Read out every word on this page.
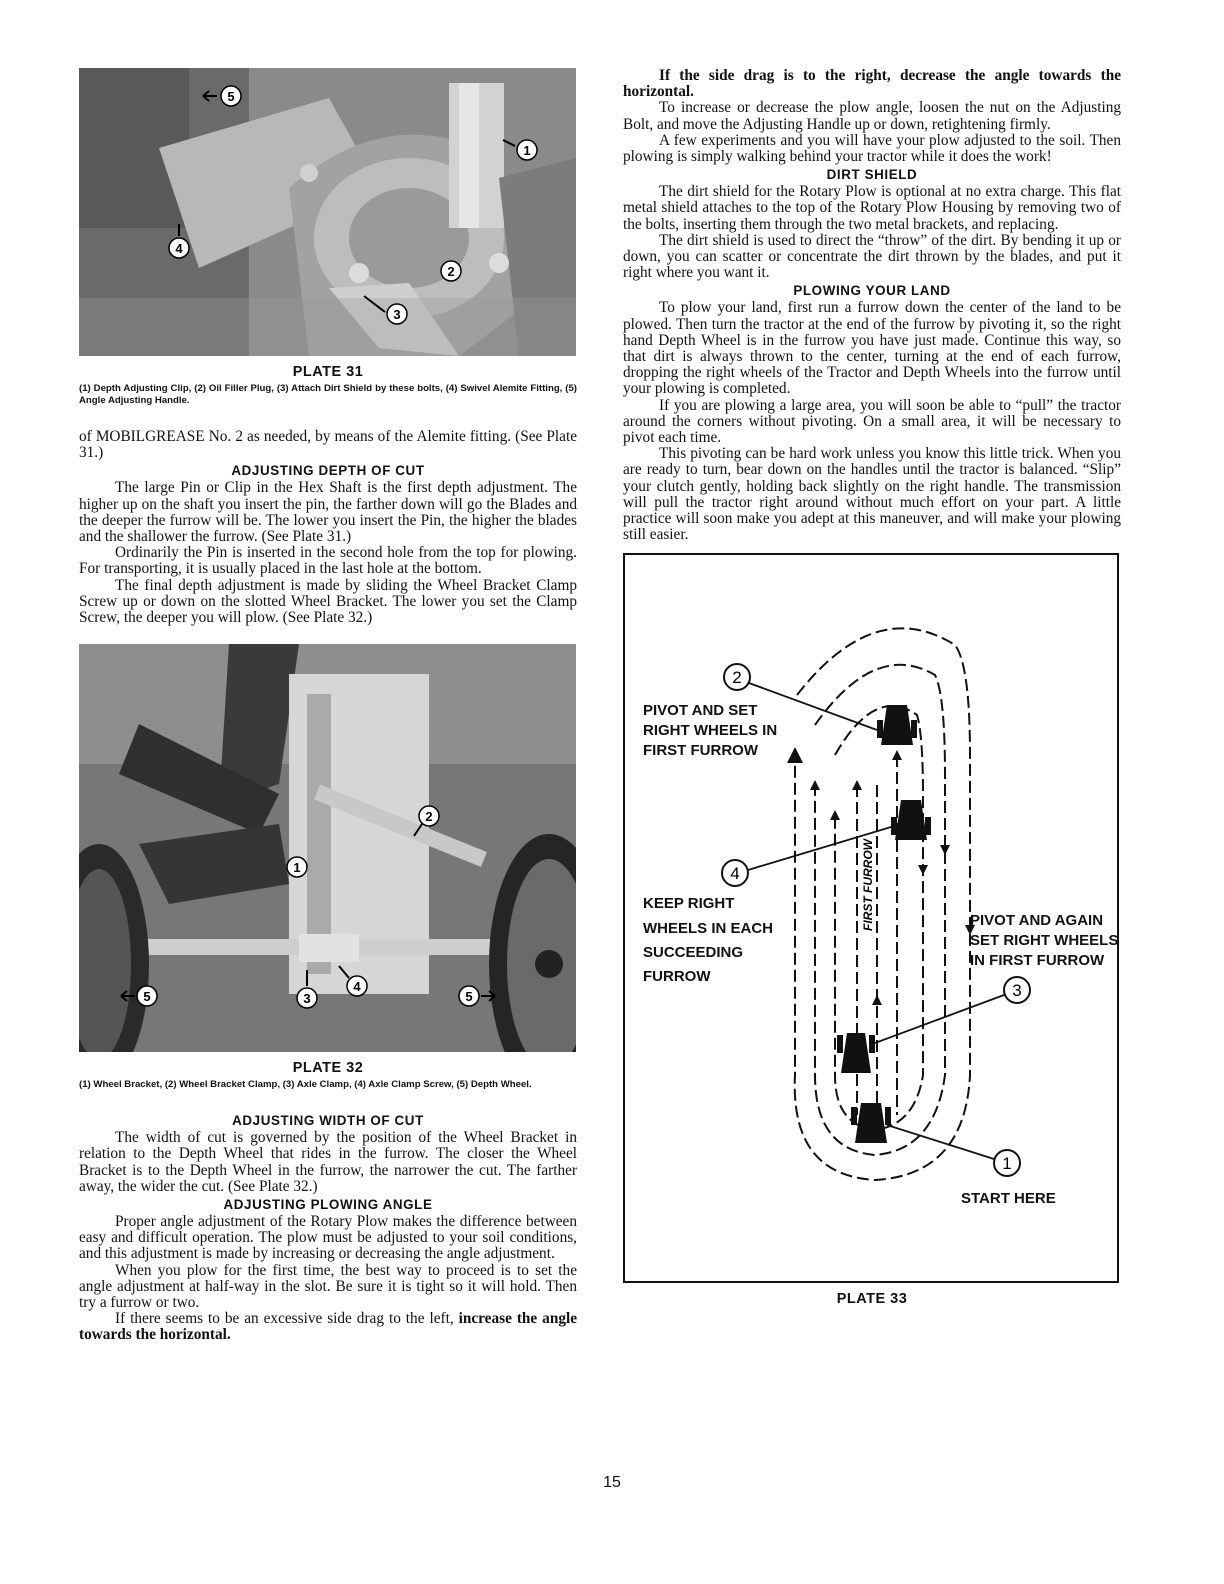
5
1
4
2
3
PLATE 31
(1) Depth Adjusting Clip, (2) Oil Filler Plug, (3) Attach Dirt Shield by these bolts, (4) Swivel Alemite Fitting, (5) Angle Adjusting Handle.

of MOBILGREASE No. 2 as needed, by means of the Alemite fitting. (See Plate 31.)

ADJUSTING DEPTH OF CUT

The large Pin or Clip in the Hex Shaft is the first depth adjustment. The higher up on the shaft you insert the pin, the farther down will go the Blades and the deeper the furrow will be. The lower you insert the Pin, the higher the blades and the shallower the furrow. (See Plate 31.)

Ordinarily the Pin is inserted in the second hole from the top for plowing. For transporting, it is usually placed in the last hole at the bottom.

The final depth adjustment is made by sliding the Wheel Bracket Clamp Screw up or down on the slotted Wheel Bracket. The lower you set the Clamp Screw, the deeper you will plow. (See Plate 32.)

2
1
3
4
5	5
PLATE 32
(1) Wheel Bracket, (2) Wheel Bracket Clamp, (3) Axle Clamp, (4) Axle Clamp Screw, (5) Depth Wheel.
ADJUSTING WIDTH OF CUT

The width of cut is governed by the position of the Wheel Bracket in relation to the Depth Wheel that rides in the furrow. The closer the Wheel Bracket is to the Depth Wheel in the furrow, the narrower the cut. The farther away, the wider the cut. (See Plate 32.)

ADJUSTING PLOWING ANGLE

Proper angle adjustment of the Rotary Plow makes the difference between easy and difficult operation. The plow must be adjusted to your soil conditions, and this adjustment is made by increasing or decreasing the angle adjustment.

When you plow for the first time, the best way to proceed is to set the angle adjustment at half-way in the slot. Be sure it is tight so it will hold. Then try a furrow or two.

If there seems to be an excessive side drag to the left, increase the angle towards the horizontal.

If the side drag is to the right, decrease the angle towards the horizontal.

To increase or decrease the plow angle, loosen the nut on the Adjusting Bolt, and move the Adjusting Handle up or down, retightening firmly.

A few experiments and you will have your plow adjusted to the soil. Then plowing is simply walking behind your tractor while it does the work!

DIRT SHIELD

The dirt shield for the Rotary Plow is optional at no extra charge. This flat metal shield attaches to the top of the Rotary Plow Housing by removing two of the bolts, inserting them through the two metal brackets, and replacing.

The dirt shield is used to direct the “throw” of the dirt. By bending it up or down, you can scatter or concentrate the dirt thrown by the blades, and put it right where you want it.

PLOWING YOUR LAND

To plow your land, first run a furrow down the center of the land to be plowed. Then turn the tractor at the end of the furrow by pivoting it, so the right hand Depth Wheel is in the furrow you have just made. Continue this way, so that dirt is always thrown to the center, turning at the end of each furrow, dropping the right wheels of the Tractor and Depth Wheels into the furrow until your plowing is completed.

If you are plowing a large area, you will soon be able to “pull” the tractor around the corners without pivoting. On a small area, it will be necessary to pivot each time.

This pivoting can be hard work unless you know this little trick. When you are ready to turn, bear down on the handles until the tractor is balanced. “Slip” your clutch gently, holding back slightly on the right handle. The transmission will pull the tractor right around without much effort on your part. A little practice will soon make you adept at this maneuver, and will make your plowing still easier.

FIRST FURROW
2
4
3
1
PIVOT AND SET
RIGHT WHEELS IN
FIRST FURROW
KEEP RIGHT
WHEELS IN EACH
SUCCEEDING
FURROW
PIVOT AND AGAIN
SET RIGHT WHEELS
IN FIRST FURROW
START HERE
PLATE 33
15
